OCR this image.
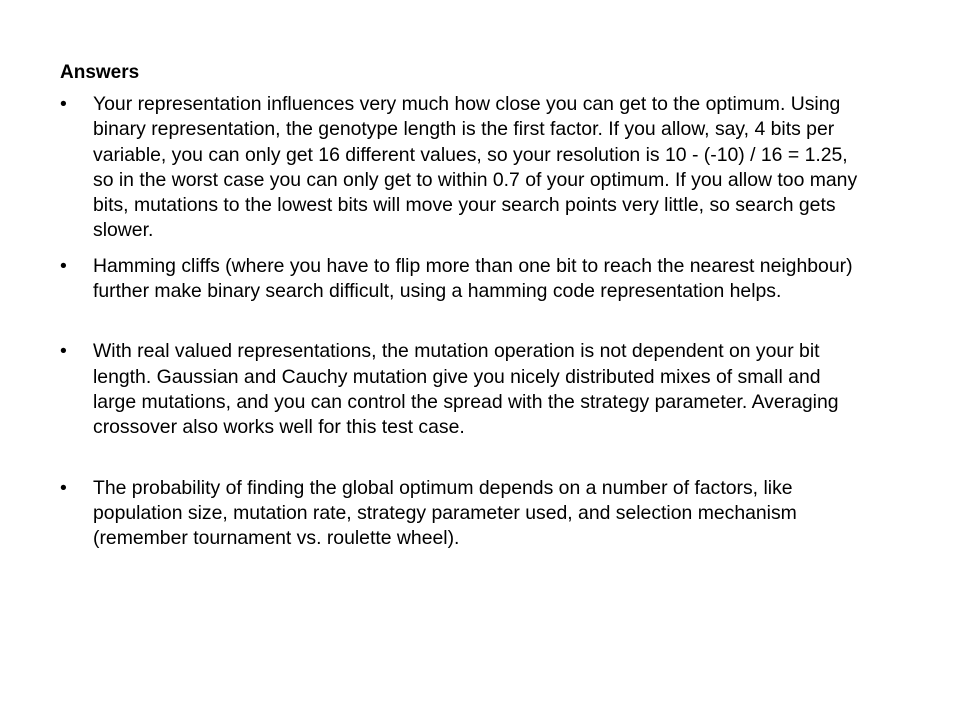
Answers
•	Your representation influences very much how close you can get to the optimum. Using binary representation, the genotype length is the first factor. If you allow, say, 4 bits per variable, you can only get 16 different values, so your resolution is 10 - (-10) / 16 = 1.25, so in the worst case you can only get to within 0.7 of your optimum. If you allow too many bits, mutations to the lowest bits will move your search points very little, so search gets slower.
•	Hamming cliffs (where you have to flip more than one bit to reach the nearest neighbour) further make binary search difficult, using a hamming code representation helps.
•	With real valued representations, the mutation operation is not dependent on your bit length. Gaussian and Cauchy mutation give you nicely distributed mixes of small and large mutations, and you can control the spread with the strategy parameter. Averaging crossover also works well for this test case.
•	The probability of finding the global optimum depends on a number of factors, like population size, mutation rate, strategy parameter used, and selection mechanism (remember tournament vs. roulette wheel).
